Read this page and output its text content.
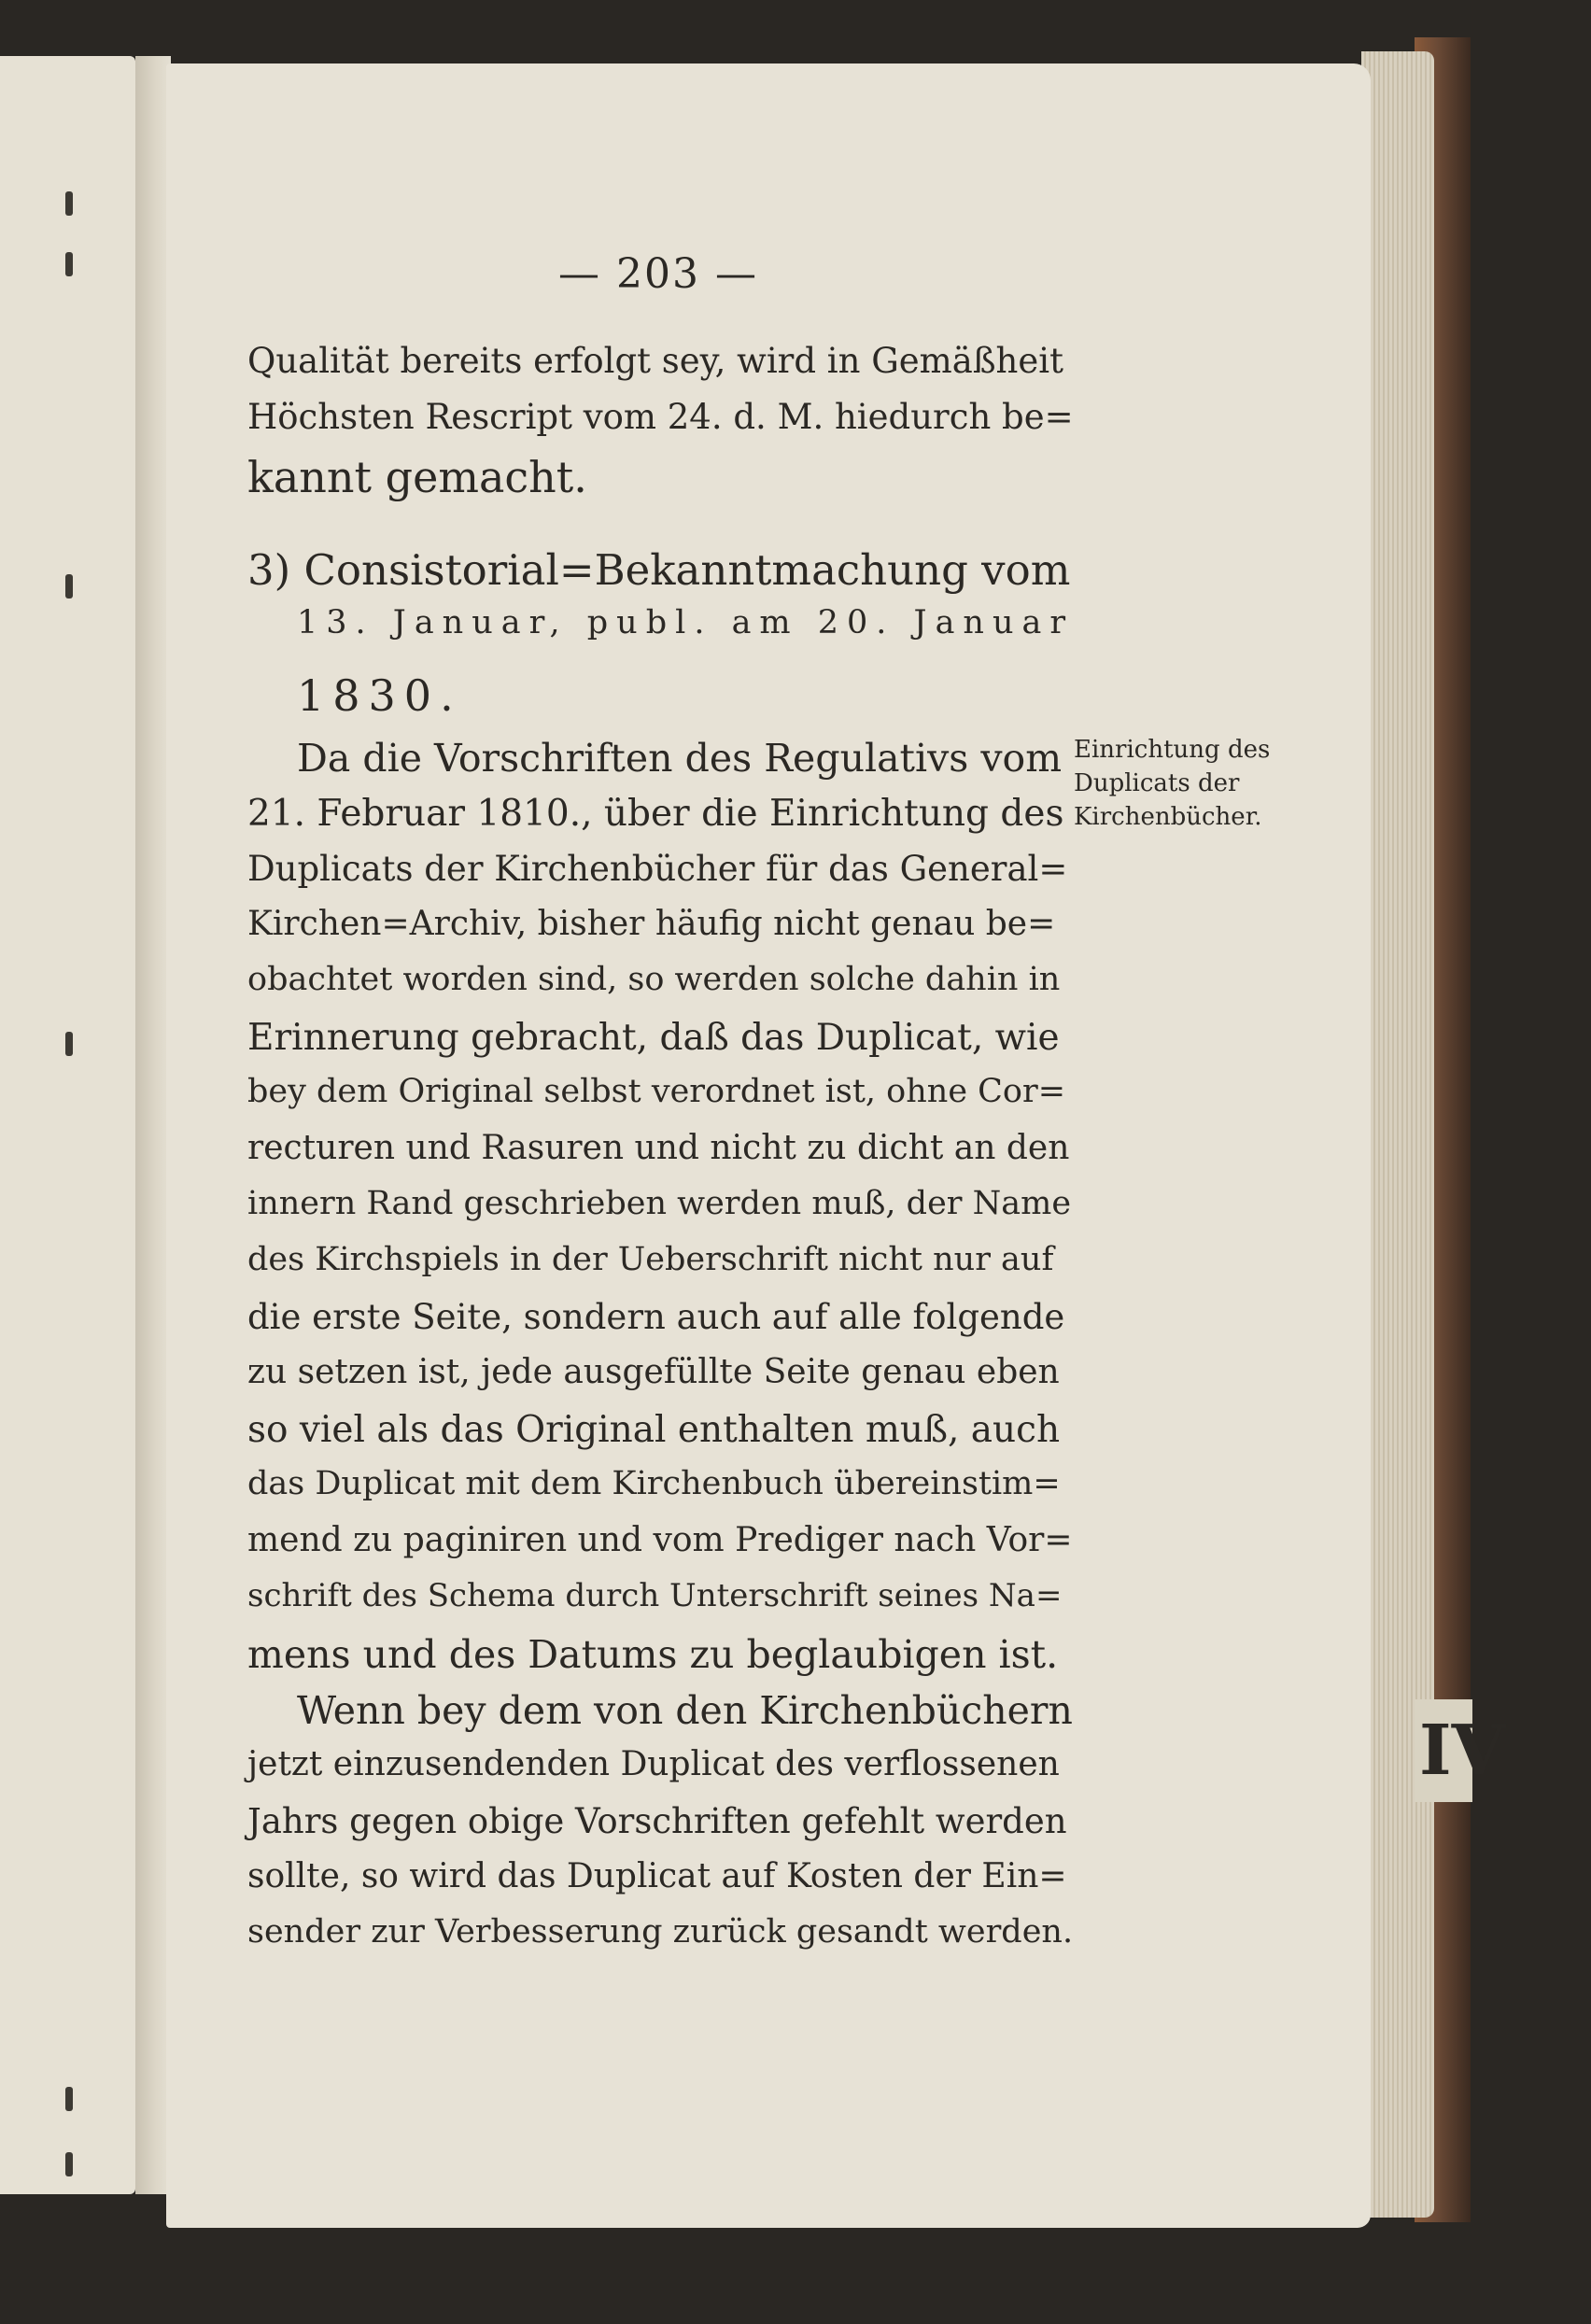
IV
— 203 —
Qualität bereits erfolgt sey, wird in Gemäßheit
Höchsten Rescript vom 24. d. M. hiedurch be=
kannt gemacht.
3) Consistorial=Bekanntmachung vom
13. Januar, publ. am 20. Januar
1830.
Da die Vorschriften des Regulativs vom
21. Februar 1810., über die Einrichtung des
Duplicats der Kirchenbücher für das General=
Kirchen=Archiv, bisher häufig nicht genau be=
obachtet worden sind, so werden solche dahin in
Erinnerung gebracht, daß das Duplicat, wie
bey dem Original selbst verordnet ist, ohne Cor=
recturen und Rasuren und nicht zu dicht an den
innern Rand geschrieben werden muß, der Name
des Kirchspiels in der Ueberschrift nicht nur auf
die erste Seite, sondern auch auf alle folgende
zu setzen ist, jede ausgefüllte Seite genau eben
so viel als das Original enthalten muß, auch
das Duplicat mit dem Kirchenbuch übereinstim=
mend zu paginiren und vom Prediger nach Vor=
schrift des Schema durch Unterschrift seines Na=
mens und des Datums zu beglaubigen ist.
Wenn bey dem von den Kirchenbüchern
jetzt einzusendenden Duplicat des verflossenen
Jahrs gegen obige Vorschriften gefehlt werden
sollte, so wird das Duplicat auf Kosten der Ein=
sender zur Verbesserung zurück gesandt werden.
Einrichtung des
Duplicats der
Kirchenbücher.
